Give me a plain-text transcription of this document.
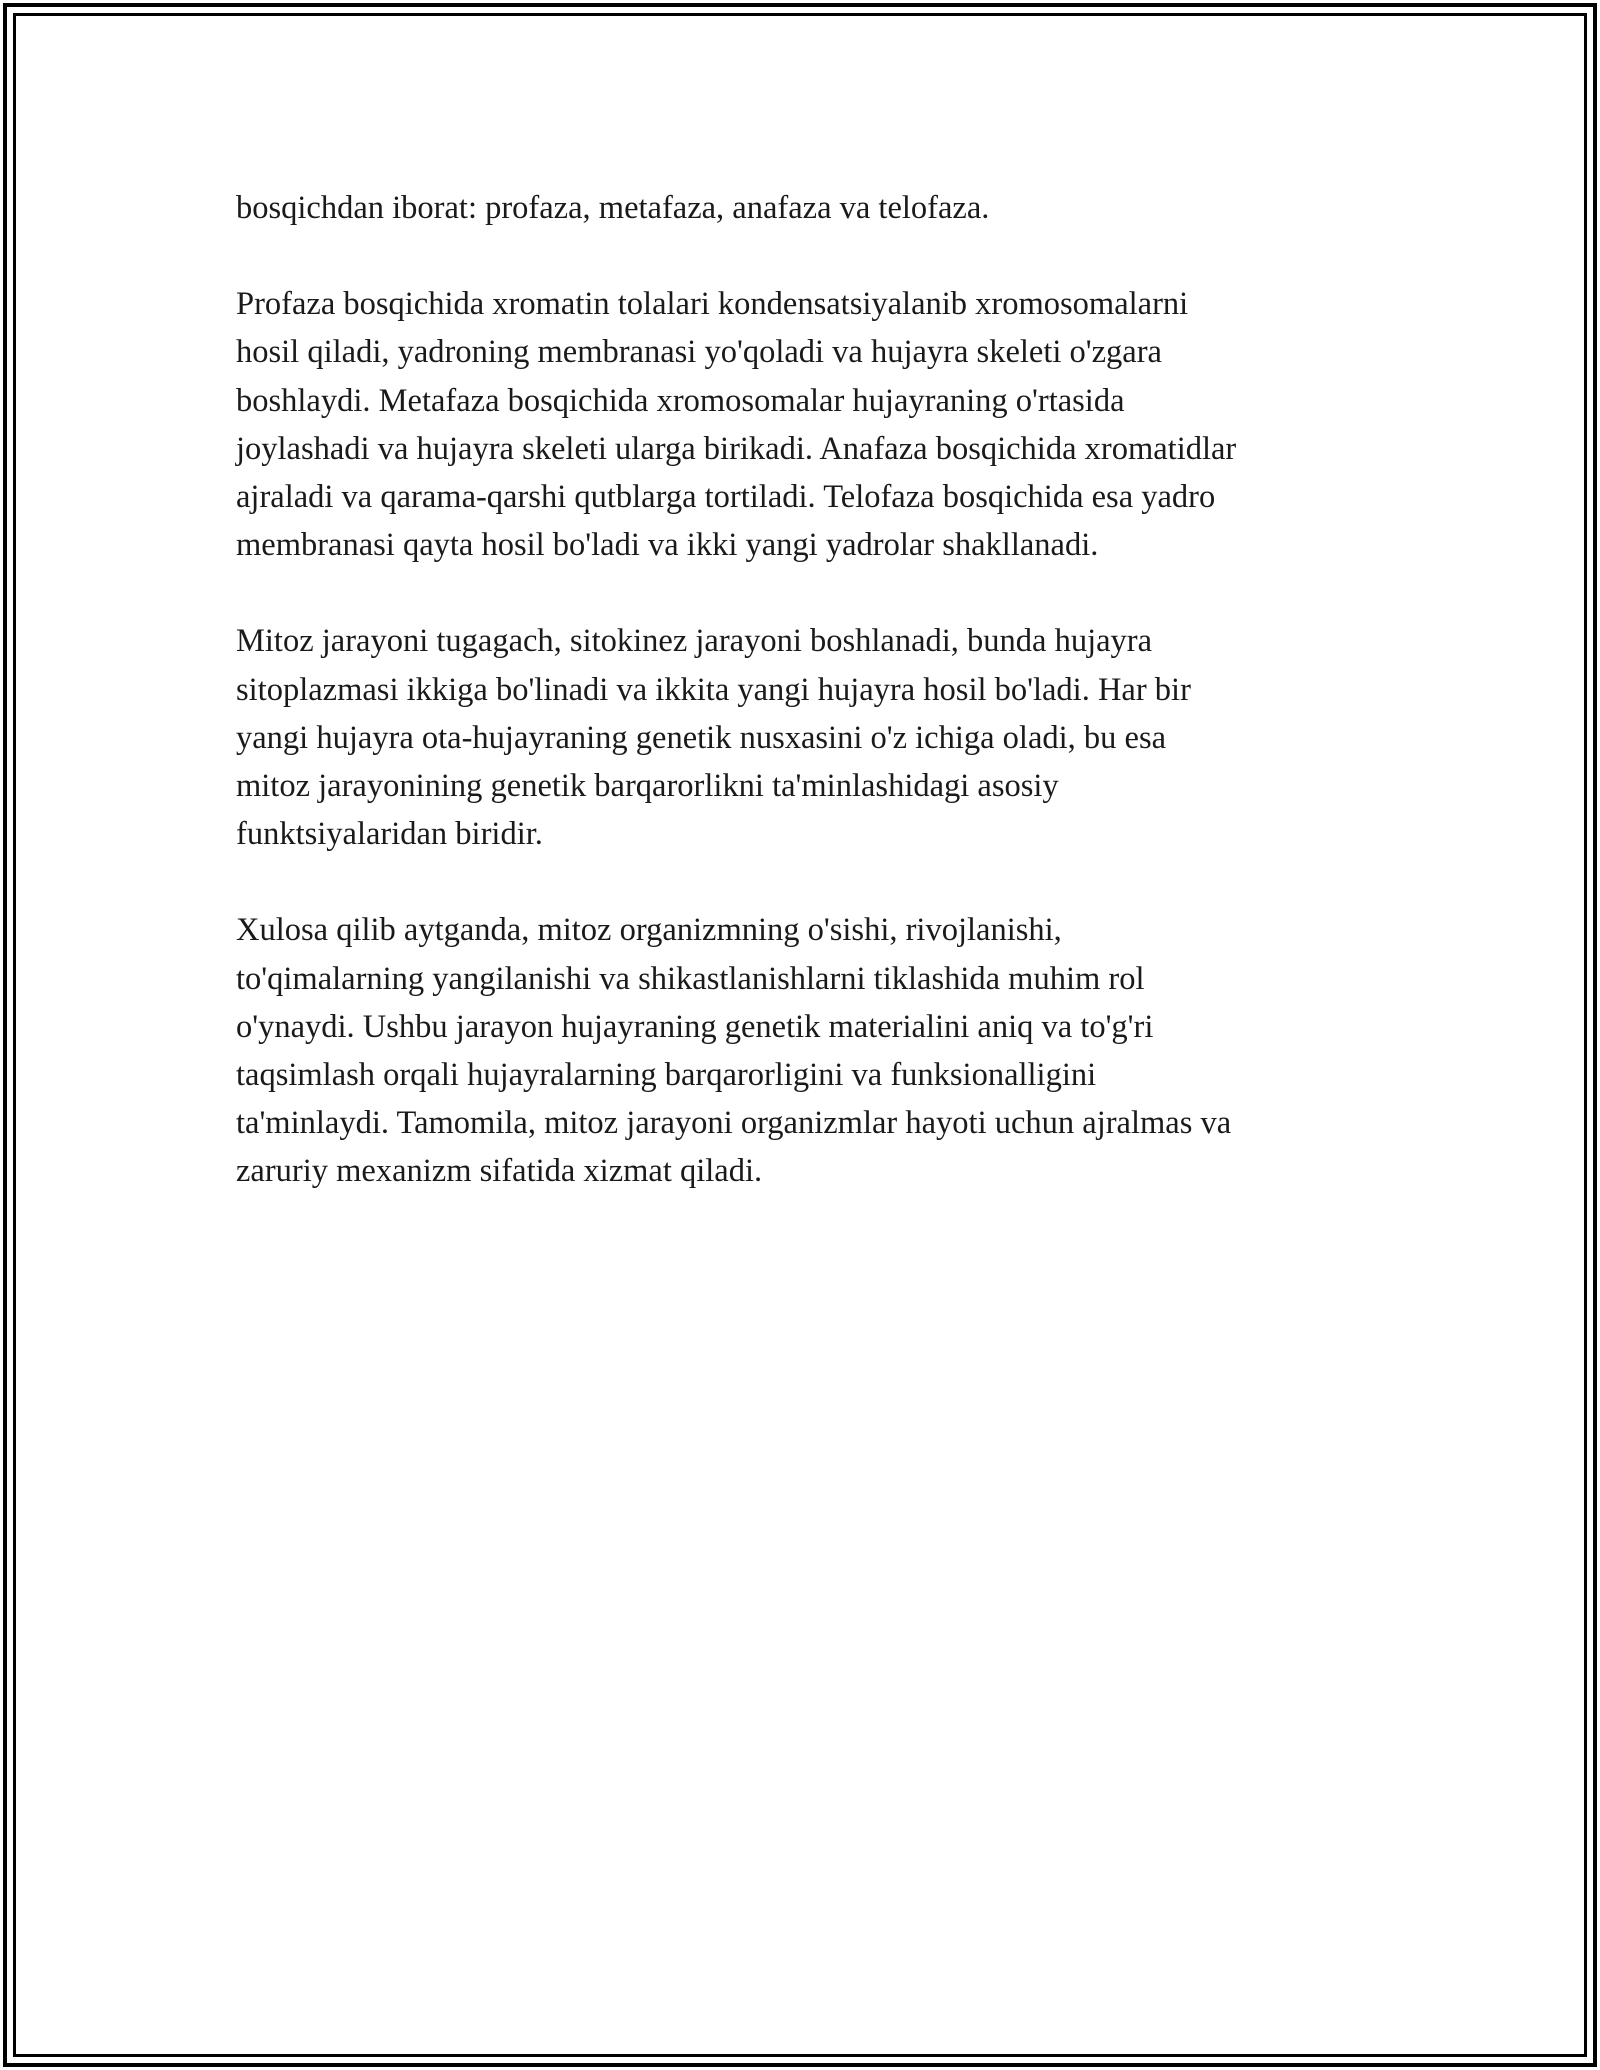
bosqichdan iborat: profaza, metafaza, anafaza va telofaza.

Profaza bosqichida xromatin tolalari kondensatsiyalanib xromosomalarni
hosil qiladi, yadroning membranasi yo'qoladi va hujayra skeleti o'zgara
boshlaydi. Metafaza bosqichida xromosomalar hujayraning o'rtasida
joylashadi va hujayra skeleti ularga birikadi. Anafaza bosqichida xromatidlar
ajraladi va qarama-qarshi qutblarga tortiladi. Telofaza bosqichida esa yadro
membranasi qayta hosil bo'ladi va ikki yangi yadrolar shakllanadi.

Mitoz jarayoni tugagach, sitokinez jarayoni boshlanadi, bunda hujayra
sitoplazmasi ikkiga bo'linadi va ikkita yangi hujayra hosil bo'ladi. Har bir
yangi hujayra ota-hujayraning genetik nusxasini o'z ichiga oladi, bu esa
mitoz jarayonining genetik barqarorlikni ta'minlashidagi asosiy
funktsiyalaridan biridir.

Xulosa qilib aytganda, mitoz organizmning o'sishi, rivojlanishi,
to'qimalarning yangilanishi va shikastlanishlarni tiklashida muhim rol
o'ynaydi. Ushbu jarayon hujayraning genetik materialini aniq va to'g'ri
taqsimlash orqali hujayralarning barqarorligini va funksionalligini
ta'minlaydi. Tamomila, mitoz jarayoni organizmlar hayoti uchun ajralmas va
zaruriy mexanizm sifatida xizmat qiladi.
